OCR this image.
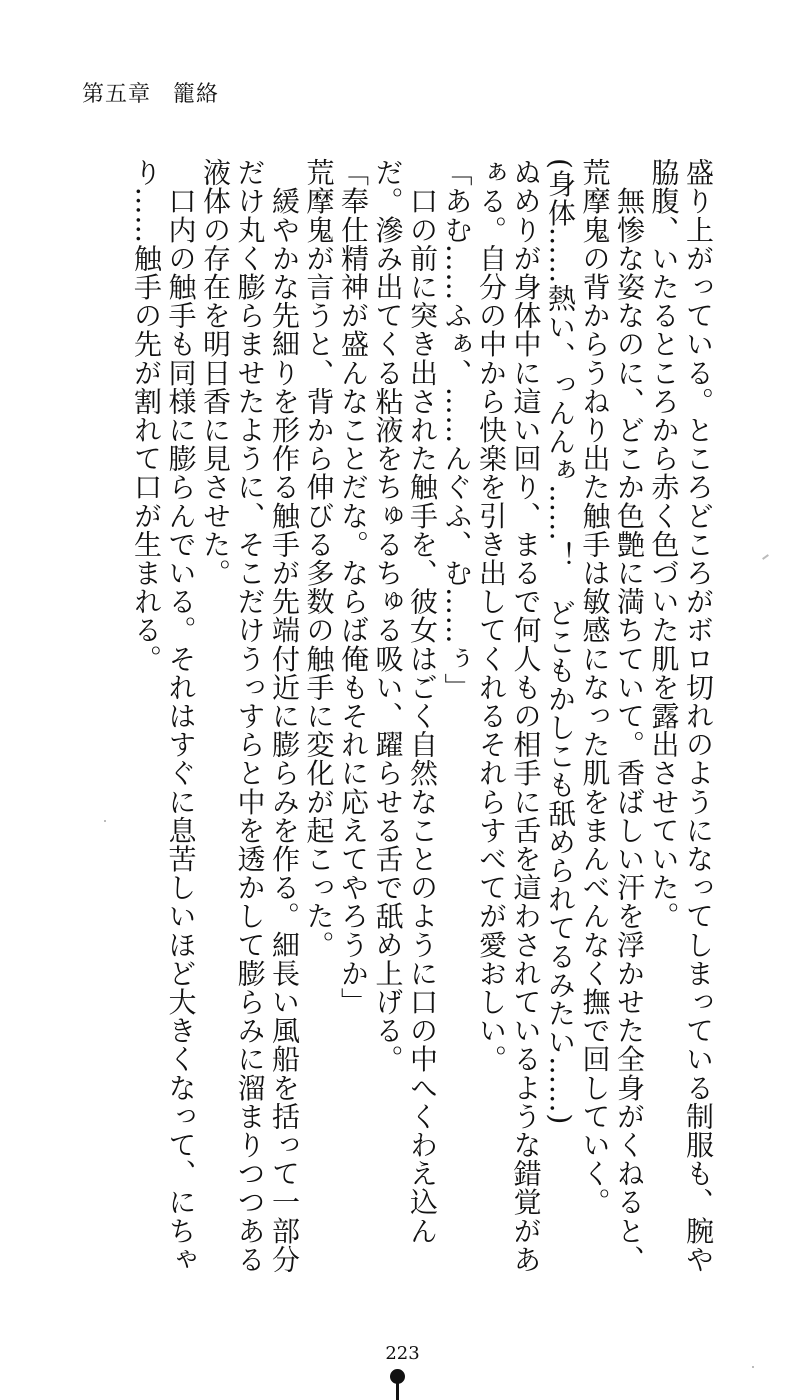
第五章 籠絡

盛り上がっている。ところどころがボロ切れのようになってしまっている制服も、腕や脇腹、いたるところから赤く色づいた肌を露出させていた。

　無惨な姿なのに、どこか色艶に満ちていて。香ばしい汗を浮かせた全身がくねると、荒摩鬼の背からうねり出た触手は敏感になった肌をまんべんなく撫で回していく。

(身体……熱い、っんんぁ……！　どこもかしこも舐められてるみたい……)

ぬめりが身体中に這い回り、まるで何人もの相手に舌を這わされているような錯覚があぁる。自分の中から快楽を引き出してくれるそれらすべてが愛おしい。

「あむ……ふぁ、……んぐふ、む……ぅ」

　口の前に突き出された触手を、彼女はごく自然なことのように口の中へくわえ込んだ。滲み出てくる粘液をちゅるちゅる吸い、躍らせる舌で舐め上げる。

「奉仕精神が盛んなことだな。ならば俺もそれに応えてやろうか」

荒摩鬼が言うと、背から伸びる多数の触手に変化が起こった。

　緩やかな先細りを形作る触手が先端付近に膨らみを作る。細長い風船を括って一部分だけ丸く膨らませたように、そこだけうっすらと中を透かして膨らみに溜まりつつある液体の存在を明日香に見させた。

　口内の触手も同様に膨らんでいる。それはすぐに息苦しいほど大きくなって、にちゃり……触手の先が割れて口が生まれる。

223
